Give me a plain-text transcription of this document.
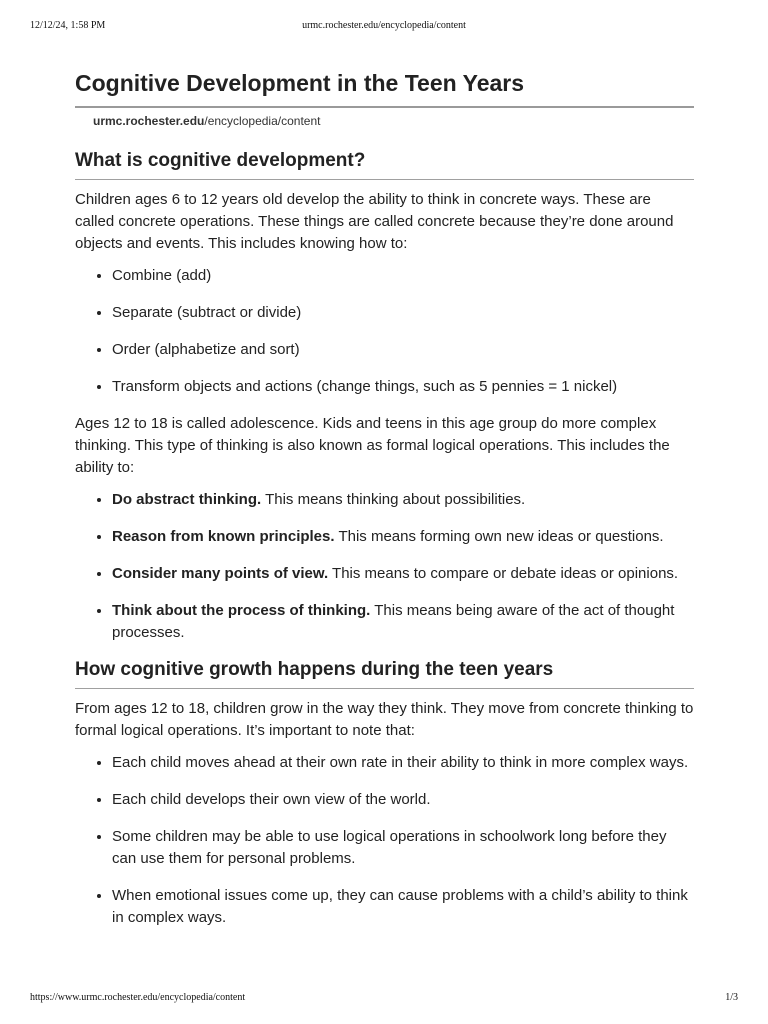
12/12/24, 1:58 PM	urmc.rochester.edu/encyclopedia/content
Cognitive Development in the Teen Years
urmc.rochester.edu/encyclopedia/content
What is cognitive development?

Children ages 6 to 12 years old develop the ability to think in concrete ways. These are called concrete operations. These things are called concrete because they’re done around objects and events. This includes knowing how to:

• Combine (add)
• Separate (subtract or divide)
• Order (alphabetize and sort)
• Transform objects and actions (change things, such as 5 pennies = 1 nickel)

Ages 12 to 18 is called adolescence. Kids and teens in this age group do more complex thinking. This type of thinking is also known as formal logical operations. This includes the ability to:

• Do abstract thinking. This means thinking about possibilities.
• Reason from known principles. This means forming own new ideas or questions.
• Consider many points of view. This means to compare or debate ideas or opinions.
• Think about the process of thinking. This means being aware of the act of thought processes.
How cognitive growth happens during the teen years

From ages 12 to 18, children grow in the way they think. They move from concrete thinking to formal logical operations. It’s important to note that:

• Each child moves ahead at their own rate in their ability to think in more complex ways.
• Each child develops their own view of the world.
• Some children may be able to use logical operations in schoolwork long before they can use them for personal problems.
• When emotional issues come up, they can cause problems with a child’s ability to think in complex ways.
https://www.urmc.rochester.edu/encyclopedia/content	1/3
